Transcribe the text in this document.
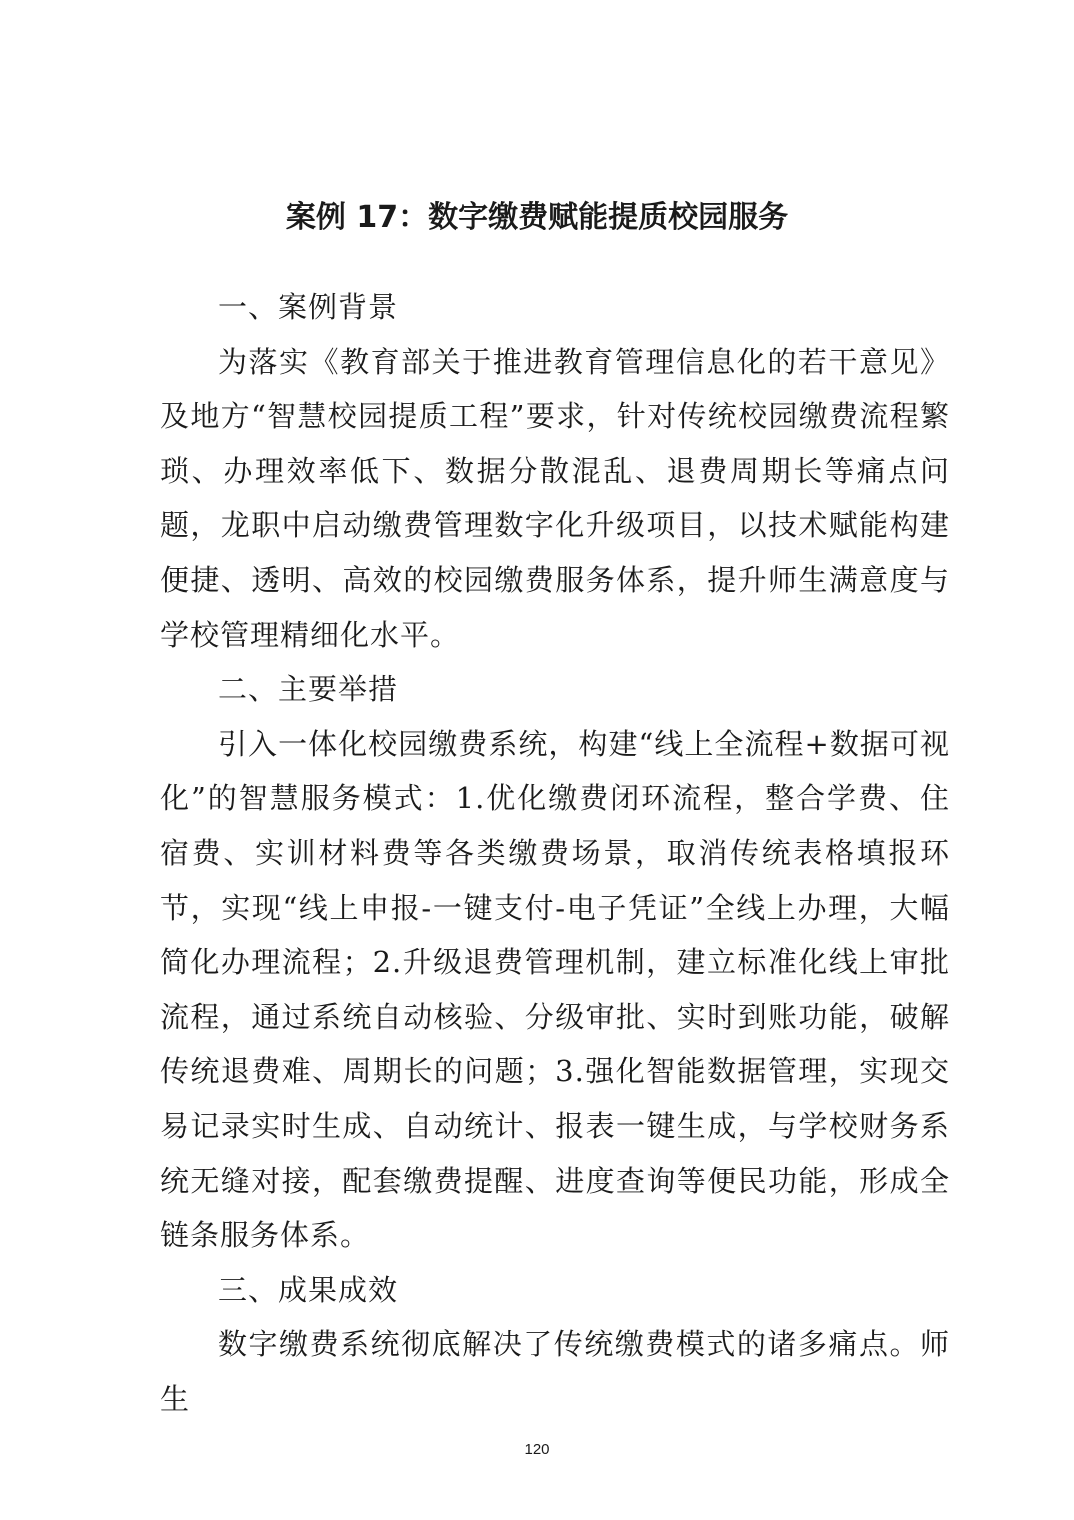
案例 17：数字缴费赋能提质校园服务
一、案例背景

为落实《教育部关于推进教育管理信息化的若干意见》及地方“智慧校园提质工程”要求，针对传统校园缴费流程繁琐、办理效率低下、数据分散混乱、退费周期长等痛点问题，龙职中启动缴费管理数字化升级项目，以技术赋能构建便捷、透明、高效的校园缴费服务体系，提升师生满意度与学校管理精细化水平。

二、主要举措

引入一体化校园缴费系统，构建“线上全流程+数据可视化”的智慧服务模式：1.优化缴费闭环流程，整合学费、住宿费、实训材料费等各类缴费场景，取消传统表格填报环节，实现“线上申报-一键支付-电子凭证”全线上办理，大幅简化办理流程；2.升级退费管理机制，建立标准化线上审批流程，通过系统自动核验、分级审批、实时到账功能，破解传统退费难、周期长的问题；3.强化智能数据管理，实现交易记录实时生成、自动统计、报表一键生成，与学校财务系统无缝对接，配套缴费提醒、进度查询等便民功能，形成全链条服务体系。

三、成果成效

数字缴费系统彻底解决了传统缴费模式的诸多痛点。师生

120
